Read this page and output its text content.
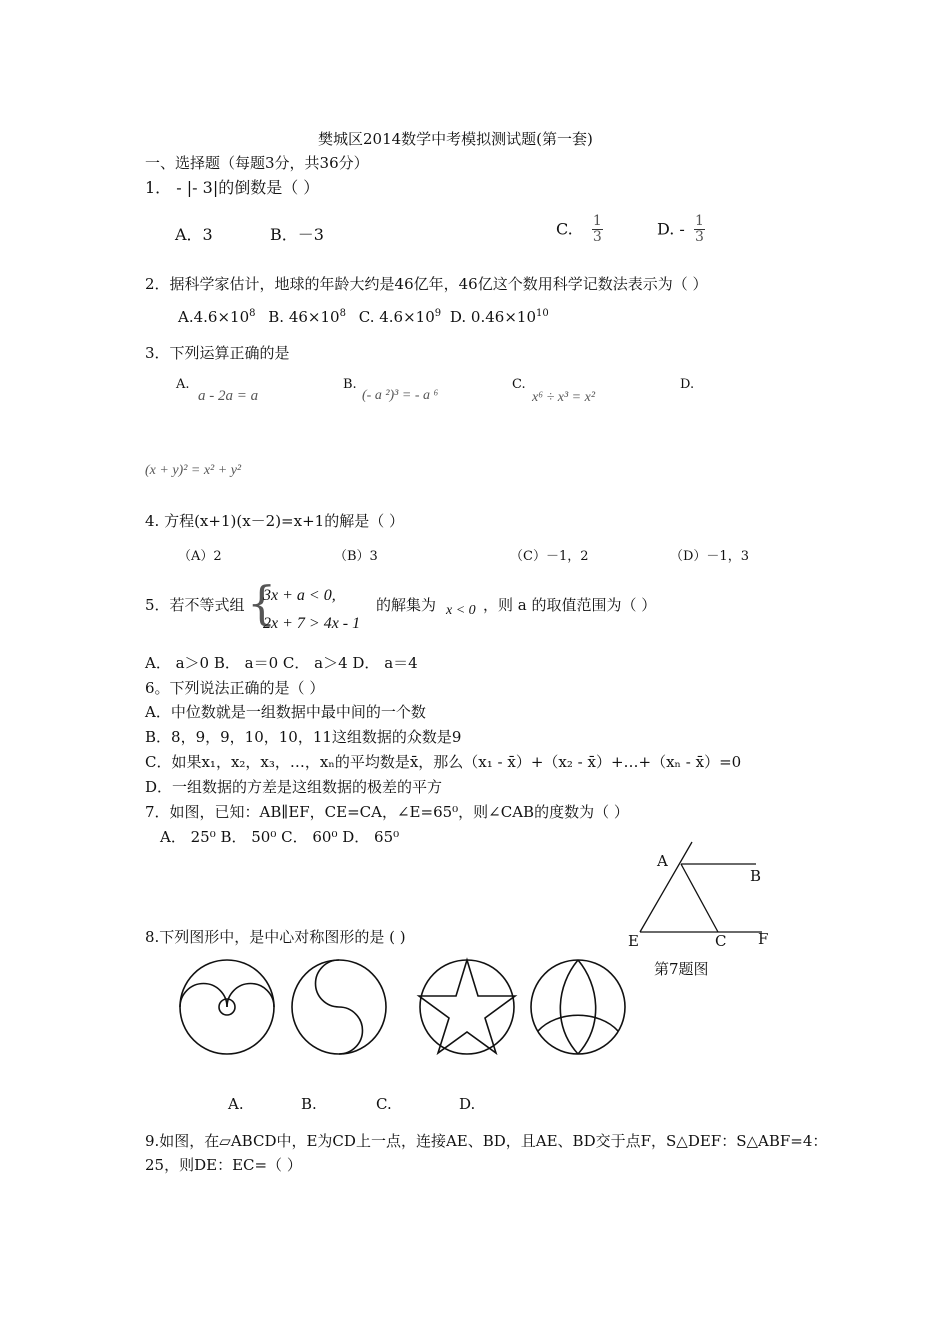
樊城区2014数学中考模拟测试题(第一套)
一、选择题（每题3分，共36分）
1． - |- 3|的倒数是（ ）
A．3	B．－3	C. $\frac{1}{3}$	D. - $\frac{1}{3}$
2．据科学家估计，地球的年龄大约是46亿年，46亿这个数用科学记数法表示为（ ）
$A.4.6\times 10^8$ B. $46\times 10^8$ C. $4.6\times 10^9$ D. $0.46\times 10^{10}$
3．下列运算正确的是
A.
a - 2a = a
B.
(- a ²)³ = - a ⁶
C.
x⁶ ÷ x³ = x²
D.
(x + y)² = x² + y²
4. 方程(x+1)(x－2)=x+1的解是（ ）
（A）2	（B）3	（C）－1，2	（D）－1，3
5．若不等式组 {
3x + a < 0,
2x + 7 > 4x - 1
的解集为 x < 0 ，则 a 的取值范围为（ ）
A． a＞0 B． a＝0 C． a＞4 D． a＝4
6。下列说法正确的是（ ）
A．中位数就是一组数据中最中间的一个数
B．8，9，9，10，10，11这组数据的众数是9
C．如果x₁，x₂，x₃，…，xₙ的平均数是x̄，那么（x₁ - x̄）+（x₂ - x̄）+…+（xₙ - x̄）=0
D．一组数据的方差是这组数据的极差的平方
7．如图，已知：AB∥EF，CE=CA，∠E=65⁰，则∠CAB的度数为（ ）
A． 25⁰ B． 50⁰ C． 60⁰ D． 65⁰
A
B
E	C F
第7题图
8.下列图形中，是中心对称图形的是 ( )
A.	B.	C.	D.
9.如图，在▱ABCD中，E为CD上一点，连接AE、BD，且AE、BD交于点F，S△DEF：S△ABF=4：
25，则DE：EC=（ ）
